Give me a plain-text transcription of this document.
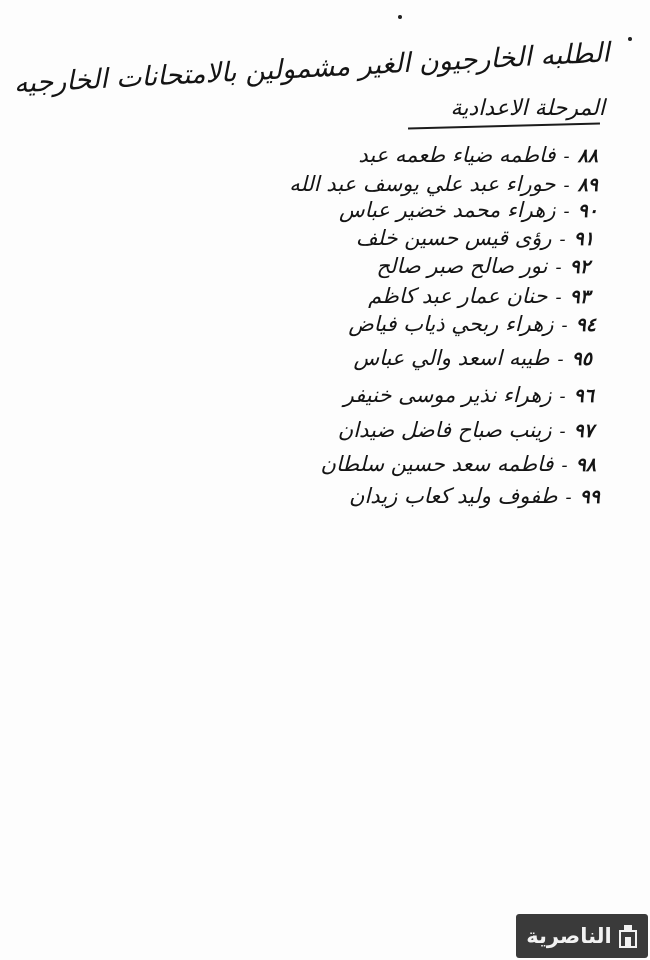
الطلبه الخارجيون الغير مشمولين بالامتحانات الخارجيه
المرحلة الاعدادية
٨٨
-
فاطمه ضياء طعمه عبد
٨٩
-
حوراء عبد علي يوسف عبد الله
٩٠
-
زهراء محمد خضير عباس
٩١
-
رؤى قيس حسين خلف
٩٢
-
نور صالح صبر صالح
٩٣
-
حنان عمار عبد كاظم
٩٤
-
زهراء ربحي ذياب فياض
٩٥
-
طيبه اسعد والي عباس
٩٦
-
زهراء نذير موسى خنيفر
٩٧
-
زينب صباح فاضل ضيدان
٩٨
-
فاطمه سعد حسين سلطان
٩٩
-
طفوف وليد كعاب زيدان
الناصرية
